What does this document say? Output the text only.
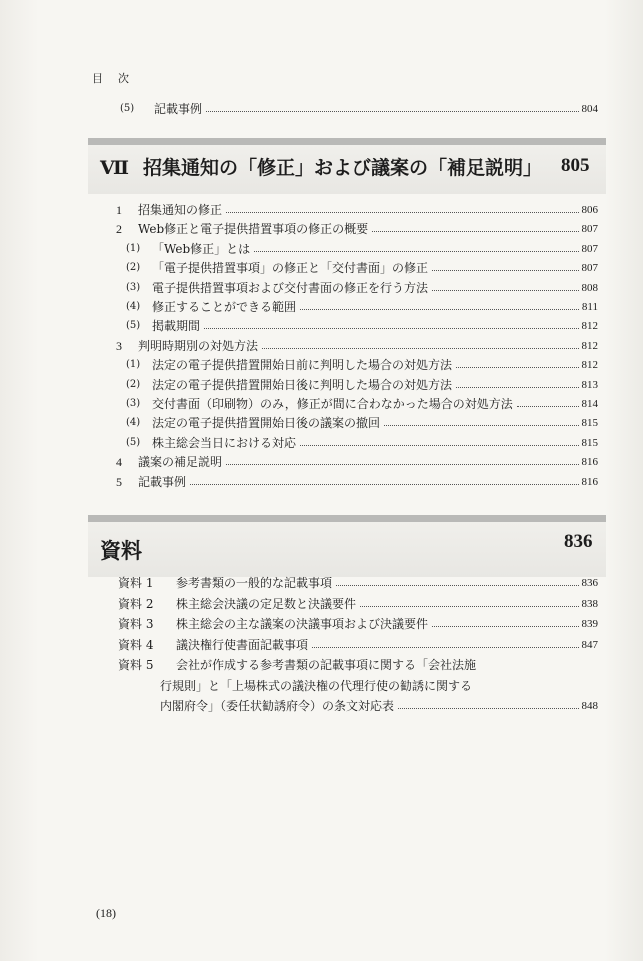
目　次
(5)	記載事例	804
Ⅶ 招集通知の「修正」および議案の「補足説明」 805
1	招集通知の修正	806
2	Web修正と電子提供措置事項の修正の概要	807
(1) 「Web修正」とは	807
(2) 「電子提供措置事項」の修正と「交付書面」の修正	807
(3) 電子提供措置事項および交付書面の修正を行う方法	808
(4) 修正することができる範囲	811
(5) 掲載期間	812
3	判明時期別の対処方法	812
(1) 法定の電子提供措置開始日前に判明した場合の対処方法	812
(2) 法定の電子提供措置開始日後に判明した場合の対処方法	813
(3) 交付書面（印刷物）のみ，修正が間に合わなかった場合の対処方法	814
(4) 法定の電子提供措置開始日後の議案の撤回	815
(5) 株主総会当日における対応	815
4	議案の補足説明	816
5	記載事例	816
資料	836
資料 1	参考書類の一般的な記載事項	836
資料 2	株主総会決議の定足数と決議要件	838
資料 3	株主総会の主な議案の決議事項および決議要件	839
資料 4	議決権行使書面記載事項	847
資料 5	会社が作成する参考書類の記載事項に関する「会社法施
行規則」と「上場株式の議決権の代理行使の勧誘に関する
内閣府令」（委任状勧誘府令）の条文対応表	848
(18)
